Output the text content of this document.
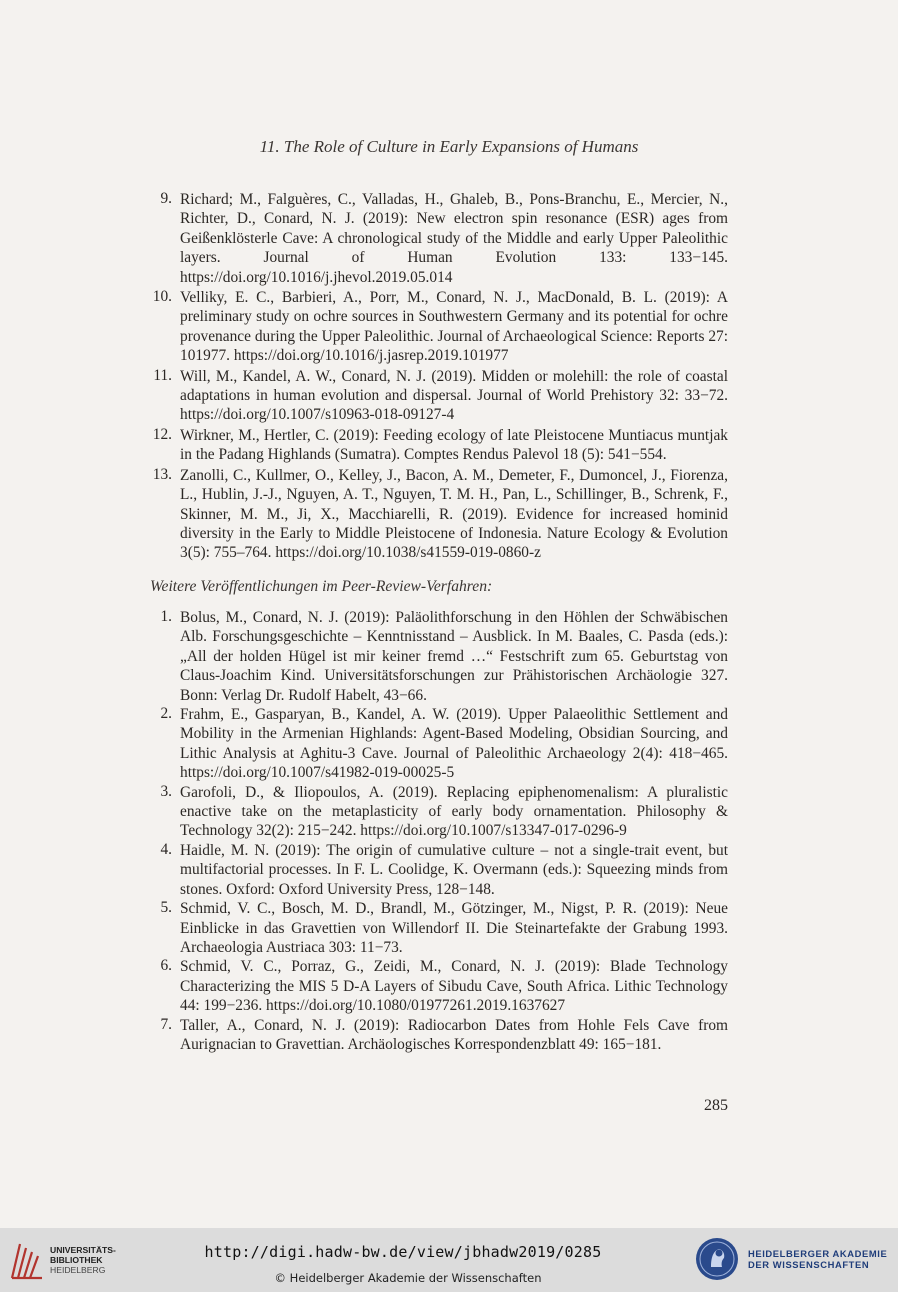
11. The Role of Culture in Early Expansions of Humans
9. Richard; M., Falguères, C., Valladas, H., Ghaleb, B., Pons-Branchu, E., Mercier, N., Richter, D., Conard, N. J. (2019): New electron spin resonance (ESR) ages from Geißenklösterle Cave: A chronological study of the Middle and early Upper Paleolithic layers. Journal of Human Evolution 133: 133−145. https://doi.org/10.1016/j.jhevol.2019.05.014
10. Velliky, E. C., Barbieri, A., Porr, M., Conard, N. J., MacDonald, B. L. (2019): A preliminary study on ochre sources in Southwestern Germany and its potential for ochre provenance during the Upper Paleolithic. Journal of Archaeological Science: Reports 27: 101977. https://doi.org/10.1016/j.jasrep.2019.101977
11. Will, M., Kandel, A. W., Conard, N. J. (2019). Midden or molehill: the role of coastal adaptations in human evolution and dispersal. Journal of World Prehistory 32: 33−72. https://doi.org/10.1007/s10963-018-09127-4
12. Wirkner, M., Hertler, C. (2019): Feeding ecology of late Pleistocene Muntiacus muntjak in the Padang Highlands (Sumatra). Comptes Rendus Palevol 18 (5): 541−554.
13. Zanolli, C., Kullmer, O., Kelley, J., Bacon, A. M., Demeter, F., Dumoncel, J., Fiorenza, L., Hublin, J.-J., Nguyen, A. T., Nguyen, T. M. H., Pan, L., Schillinger, B., Schrenk, F., Skinner, M. M., Ji, X., Macchiarelli, R. (2019). Evidence for increased hominid diversity in the Early to Middle Pleistocene of Indonesia. Nature Ecology & Evolution 3(5): 755–764. https://doi.org/10.1038/s41559-019-0860-z
Weitere Veröffentlichungen im Peer-Review-Verfahren:
1. Bolus, M., Conard, N. J. (2019): Paläolithforschung in den Höhlen der Schwäbischen Alb. Forschungsgeschichte – Kenntnisstand – Ausblick. In M. Baales, C. Pasda (eds.): „All der holden Hügel ist mir keiner fremd …“ Festschrift zum 65. Geburtstag von Claus-Joachim Kind. Universitätsforschungen zur Prähistorischen Archäologie 327. Bonn: Verlag Dr. Rudolf Habelt, 43−66.
2. Frahm, E., Gasparyan, B., Kandel, A. W. (2019). Upper Palaeolithic Settlement and Mobility in the Armenian Highlands: Agent-Based Modeling, Obsidian Sourcing, and Lithic Analysis at Aghitu-3 Cave. Journal of Paleolithic Archaeology 2(4): 418−465. https://doi.org/10.1007/s41982-019-00025-5
3. Garofoli, D., & Iliopoulos, A. (2019). Replacing epiphenomenalism: A pluralistic enactive take on the metaplasticity of early body ornamentation. Philosophy & Technology 32(2): 215−242. https://doi.org/10.1007/s13347-017-0296-9
4. Haidle, M. N. (2019): The origin of cumulative culture – not a single-trait event, but multifactorial processes. In F. L. Coolidge, K. Overmann (eds.): Squeezing minds from stones. Oxford: Oxford University Press, 128−148.
5. Schmid, V. C., Bosch, M. D., Brandl, M., Götzinger, M., Nigst, P. R. (2019): Neue Einblicke in das Gravettien von Willendorf II. Die Steinartefakte der Grabung 1993. Archaeologia Austriaca 303: 11−73.
6. Schmid, V. C., Porraz, G., Zeidi, M., Conard, N. J. (2019): Blade Technology Characterizing the MIS 5 D-A Layers of Sibudu Cave, South Africa. Lithic Technology 44: 199−236. https://doi.org/10.1080/01977261.2019.1637627
7. Taller, A., Conard, N. J. (2019): Radiocarbon Dates from Hohle Fels Cave from Aurignacian to Gravettian. Archäologisches Korrespondenzblatt 49: 165−181.
285
UNIVERSITÄTS-
BIBLIOTHEK
HEIDELBERG
http://digi.hadw-bw.de/view/jbhadw2019/0285
© Heidelberger Akademie der Wissenschaften
HEIDELBERGER AKADEMIE
DER WISSENSCHAFTEN
